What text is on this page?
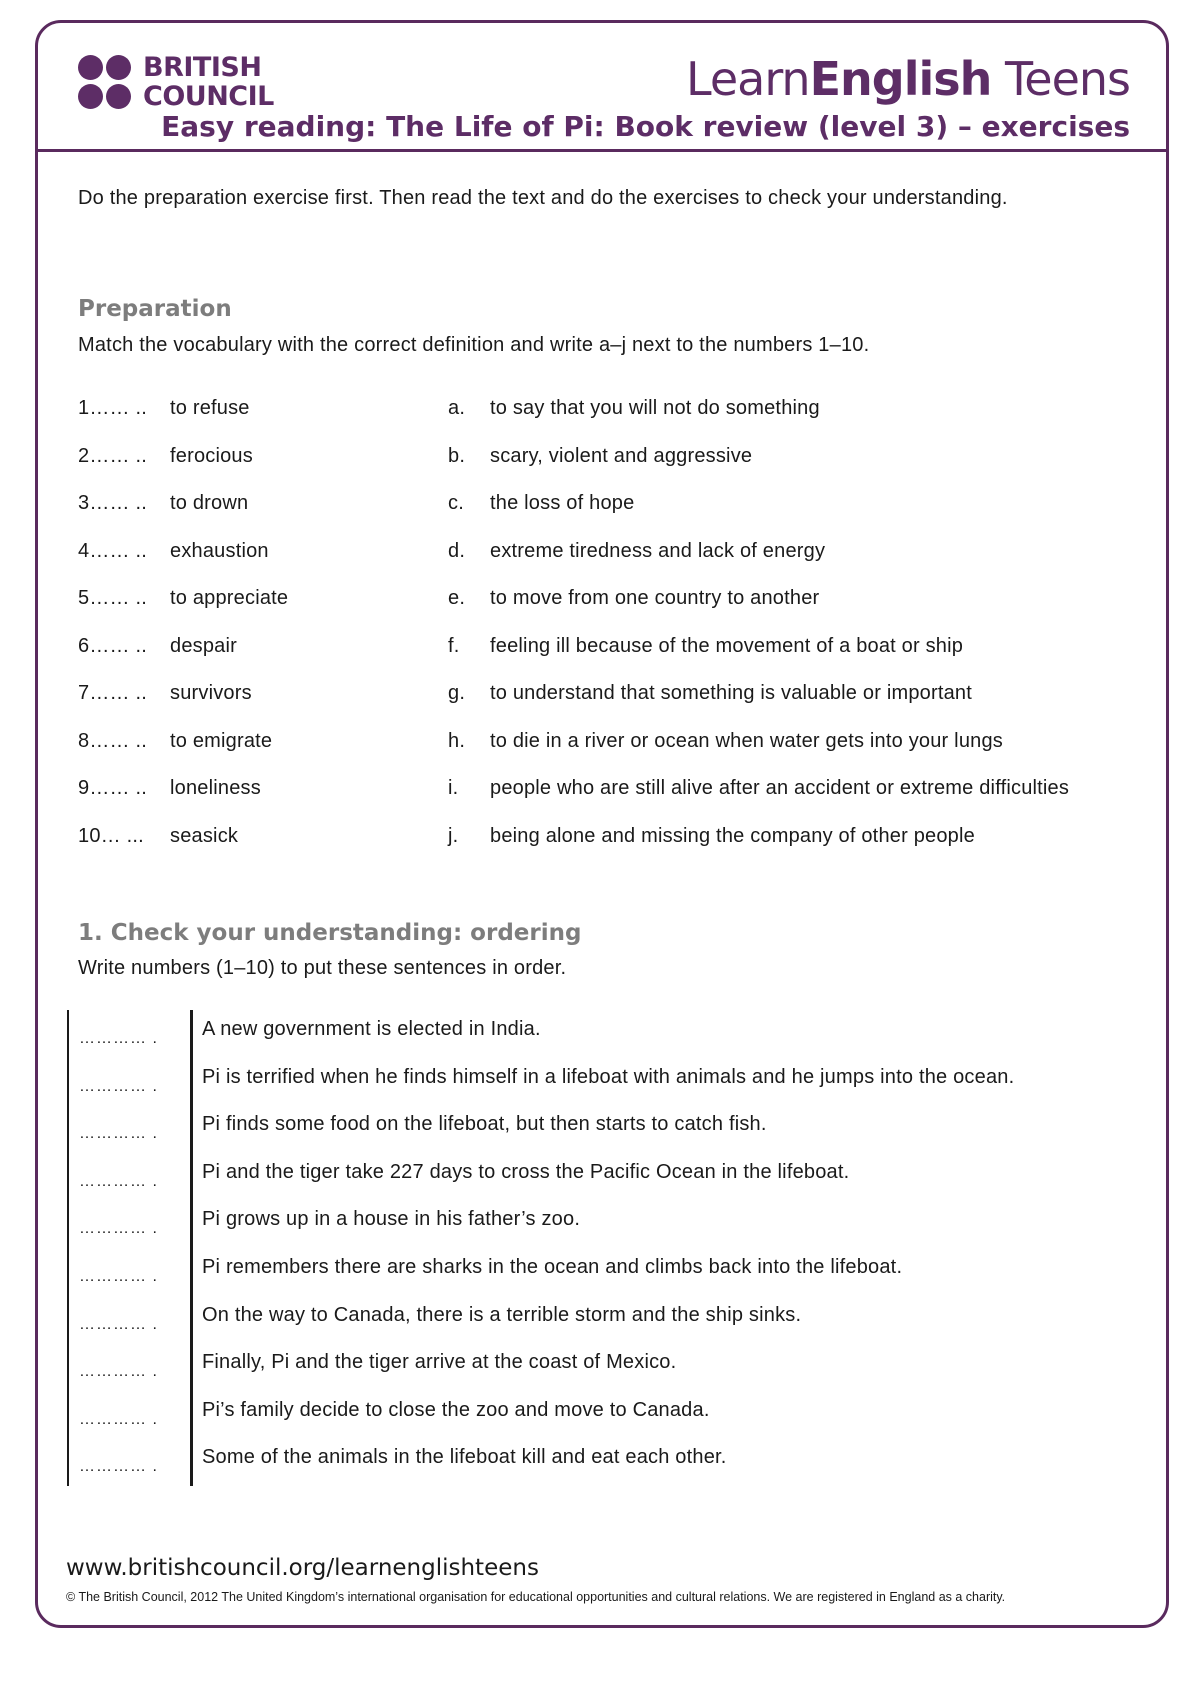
BRITISH
COUNCIL	LearnEnglish Teens
Easy reading: The Life of Pi: Book review (level 3) – exercises
Do the preparation exercise first. Then read the text and do the exercises to check your understanding.
Preparation
Match the vocabulary with the correct definition and write a–j next to the numbers 1–10.
1…… .. to refuse	a. to say that you will not do something
2…… .. ferocious	b. scary, violent and aggressive
3…… .. to drown	c. the loss of hope
4…… .. exhaustion	d. extreme tiredness and lack of energy
5…… .. to appreciate	e. to move from one country to another
6…… .. despair	f. feeling ill because of the movement of a boat or ship
7…… .. survivors	g. to understand that something is valuable or important
8…… .. to emigrate	h. to die in a river or ocean when water gets into your lungs
9…… .. loneliness	i. people who are still alive after an accident or extreme difficulties
10… ... seasick	j. being alone and missing the company of other people
1. Check your understanding: ordering
Write numbers (1–10) to put these sentences in order.
………… . A new government is elected in India.
………… . Pi is terrified when he finds himself in a lifeboat with animals and he jumps into the ocean.
………… . Pi finds some food on the lifeboat, but then starts to catch fish.
………… . Pi and the tiger take 227 days to cross the Pacific Ocean in the lifeboat.
………… . Pi grows up in a house in his father’s zoo.
………… . Pi remembers there are sharks in the ocean and climbs back into the lifeboat.
………… . On the way to Canada, there is a terrible storm and the ship sinks.
………… . Finally, Pi and the tiger arrive at the coast of Mexico.
………… . Pi’s family decide to close the zoo and move to Canada.
………… . Some of the animals in the lifeboat kill and eat each other.
www.britishcouncil.org/learnenglishteens
© The British Council, 2012 The United Kingdom’s international organisation for educational opportunities and cultural relations. We are registered in England as a charity.
